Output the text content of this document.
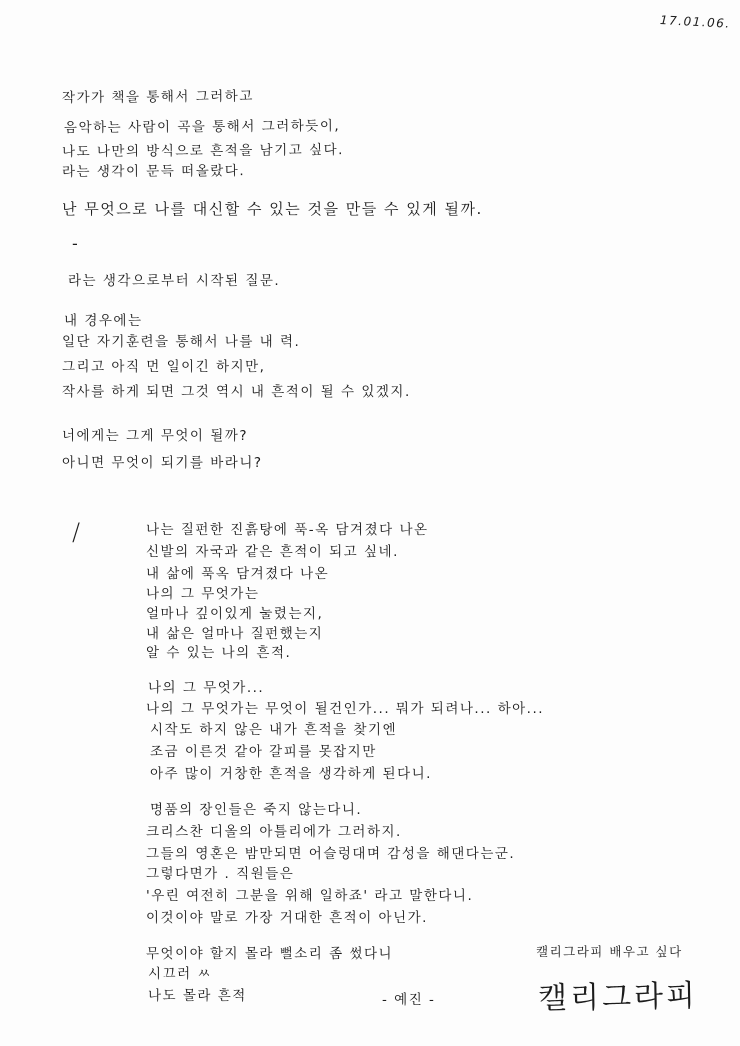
17.01.06.
작가가 책을 통해서 그러하고
음악하는 사람이 곡을 통해서 그러하듯이,
나도 나만의 방식으로 흔적을 남기고 싶다.
라는 생각이 문득 떠올랐다.
난 무엇으로 나를 대신할 수 있는 것을 만들 수 있게 될까.
-
라는 생각으로부터 시작된 질문.
내 경우에는
일단 자기훈련을 통해서 나를 내 력.
그리고 아직 먼 일이긴 하지만,
작사를 하게 되면 그것 역시 내 흔적이 될 수 있겠지.
너에게는 그게 무엇이 될까?
아니면 무엇이 되기를 바라니?
/	나는 질펀한 진흙탕에 푹-옥 담겨졌다 나온
신발의 자국과 같은 흔적이 되고 싶네.
내 삶에 푹옥 담겨졌다 나온
나의 그 무엇가는
얼마나 깊이있게 눌렸는지,
내 삶은 얼마나 질펀했는지
알 수 있는 나의 흔적.
나의 그 무엇가...
나의 그 무엇가는 무엇이 될건인가... 뭐가 되려나... 하아...
시작도 하지 않은 내가 흔적을 찾기엔
조금 이른것 같아 갈피를 못잡지만
아주 많이 거창한 흔적을 생각하게 된다니.
명품의 장인들은 죽지 않는다니.
크리스찬 디올의 아틀리에가 그러하지.
그들의 영혼은 밤만되면 어슬렁대며 감성을 해댄다는군.
그렇다면가 . 직원들은
'우린 여전히 그분을 위해 일하죠' 라고 말한다니.
이것이야 말로 가장 거대한 흔적이 아닌가.
무엇이야 할지 몰라 뻘소리 좀 썼다니
시끄러 ㅆ
나도 몰라 흔적	- 예진 -
캘리그라피 배우고 싶다
캘리그라피
